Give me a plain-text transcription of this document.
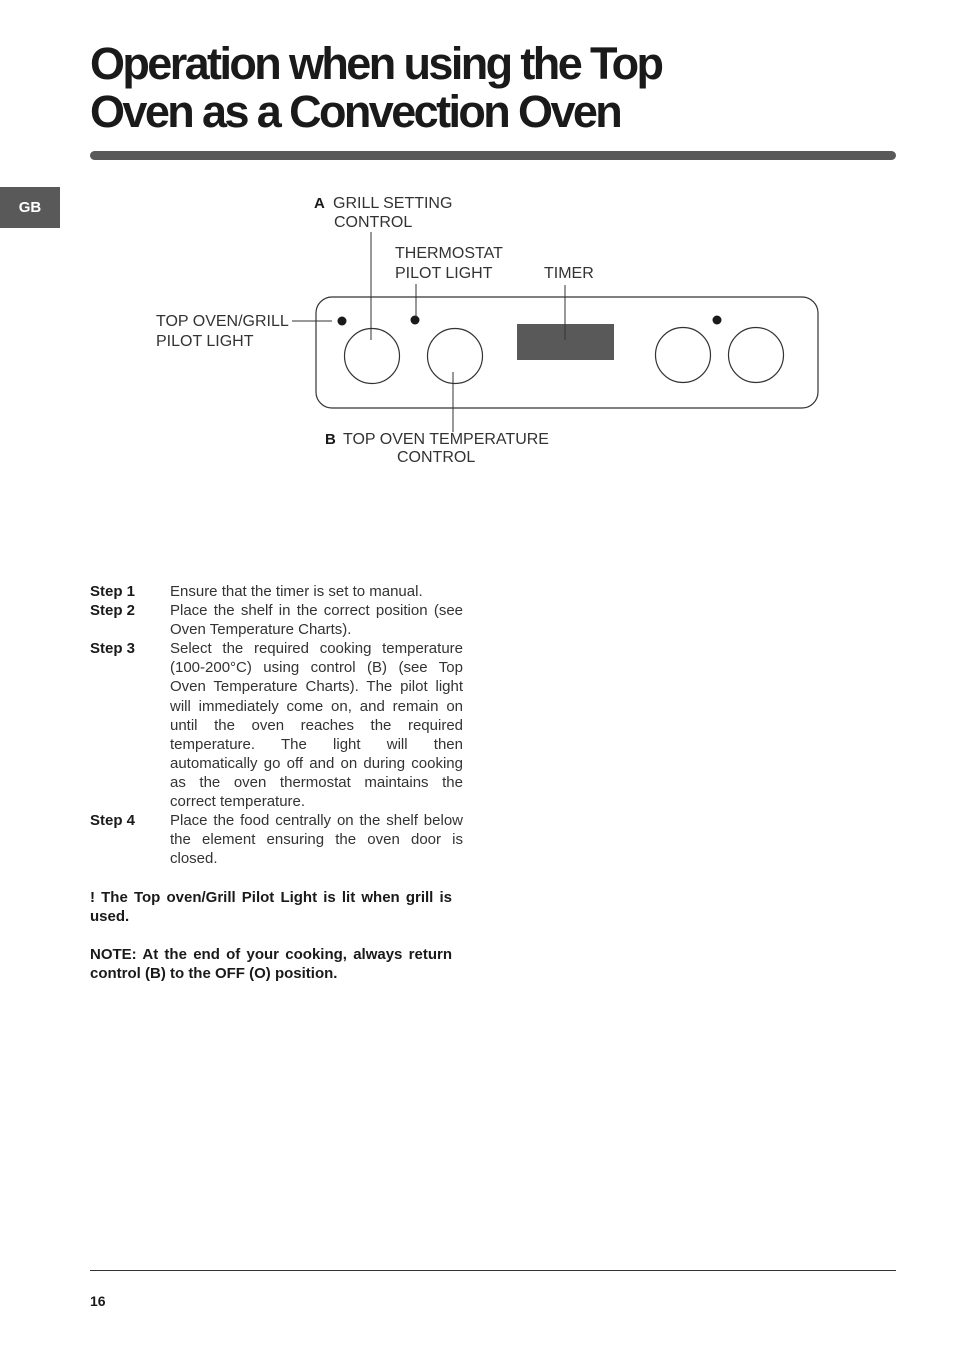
Operation when using the Top
Oven as a Convection Oven
GB	A GRILL SETTING
CONTROL
THERMOSTAT
PILOT LIGHT	TIMER
TOP OVEN/GRILL
PILOT LIGHT
B TOP OVEN TEMPERATURE
CONTROL
Step 1	Ensure that the timer is set to manual.
Step 2	Place the shelf in the correct position (see Oven Temperature Charts).
Step 3	Select the required cooking temperature (100-200°C) using control (B) (see Top Oven Temperature Charts). The pilot light will immediately come on, and remain on until the oven reaches the required temperature. The light will then automatically go off and on during cooking as the oven thermostat maintains the correct temperature.
Step 4	Place the food centrally on the shelf below the element ensuring the oven door is closed.

! The Top oven/Grill Pilot Light is lit when grill is used.

NOTE: At the end of your cooking, always return control (B) to the OFF (O) position.

16
